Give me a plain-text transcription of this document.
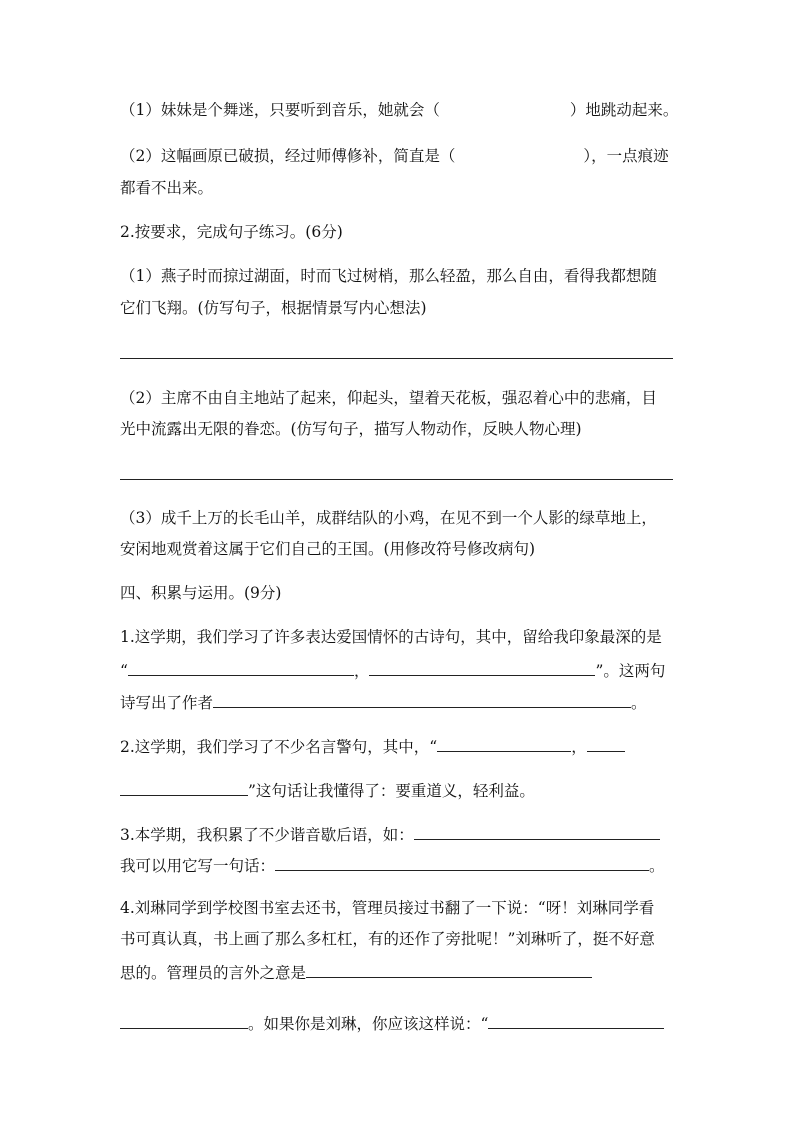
（1）妹妹是个舞迷，只要听到音乐，她就会（	）地跳动起来。
（2）这幅画原已破损，经过师傅修补，简直是（	），一点痕迹
都看不出来。
2.按要求，完成句子练习。(6分)
（1）燕子时而掠过湖面，时而飞过树梢，那么轻盈，那么自由，看得我都想随
它们飞翔。(仿写句子，根据情景写内心想法)
（2）主席不由自主地站了起来，仰起头，望着天花板，强忍着心中的悲痛，目
光中流露出无限的眷恋。(仿写句子，描写人物动作，反映人物心理)
（3）成千上万的长毛山羊，成群结队的小鸡，在见不到一个人影的绿草地上，
安闲地观赏着这属于它们自己的王国。(用修改符号修改病句)
四、积累与运用。(9分)
1.这学期，我们学习了许多表达爱国情怀的古诗句，其中，留给我印象最深的是
“	，	”。这两句
诗写出了作者	。
2.这学期，我们学习了不少名言警句，其中，“	，
”这句话让我懂得了：要重道义，轻利益。
3.本学期，我积累了不少谐音歇后语，如：
我可以用它写一句话：	。
4.刘琳同学到学校图书室去还书，管理员接过书翻了一下说：“呀！刘琳同学看
书可真认真，书上画了那么多杠杠，有的还作了旁批呢！”刘琳听了，挺不好意
思的。管理员的言外之意是
。如果你是刘琳，你应该这样说：“
